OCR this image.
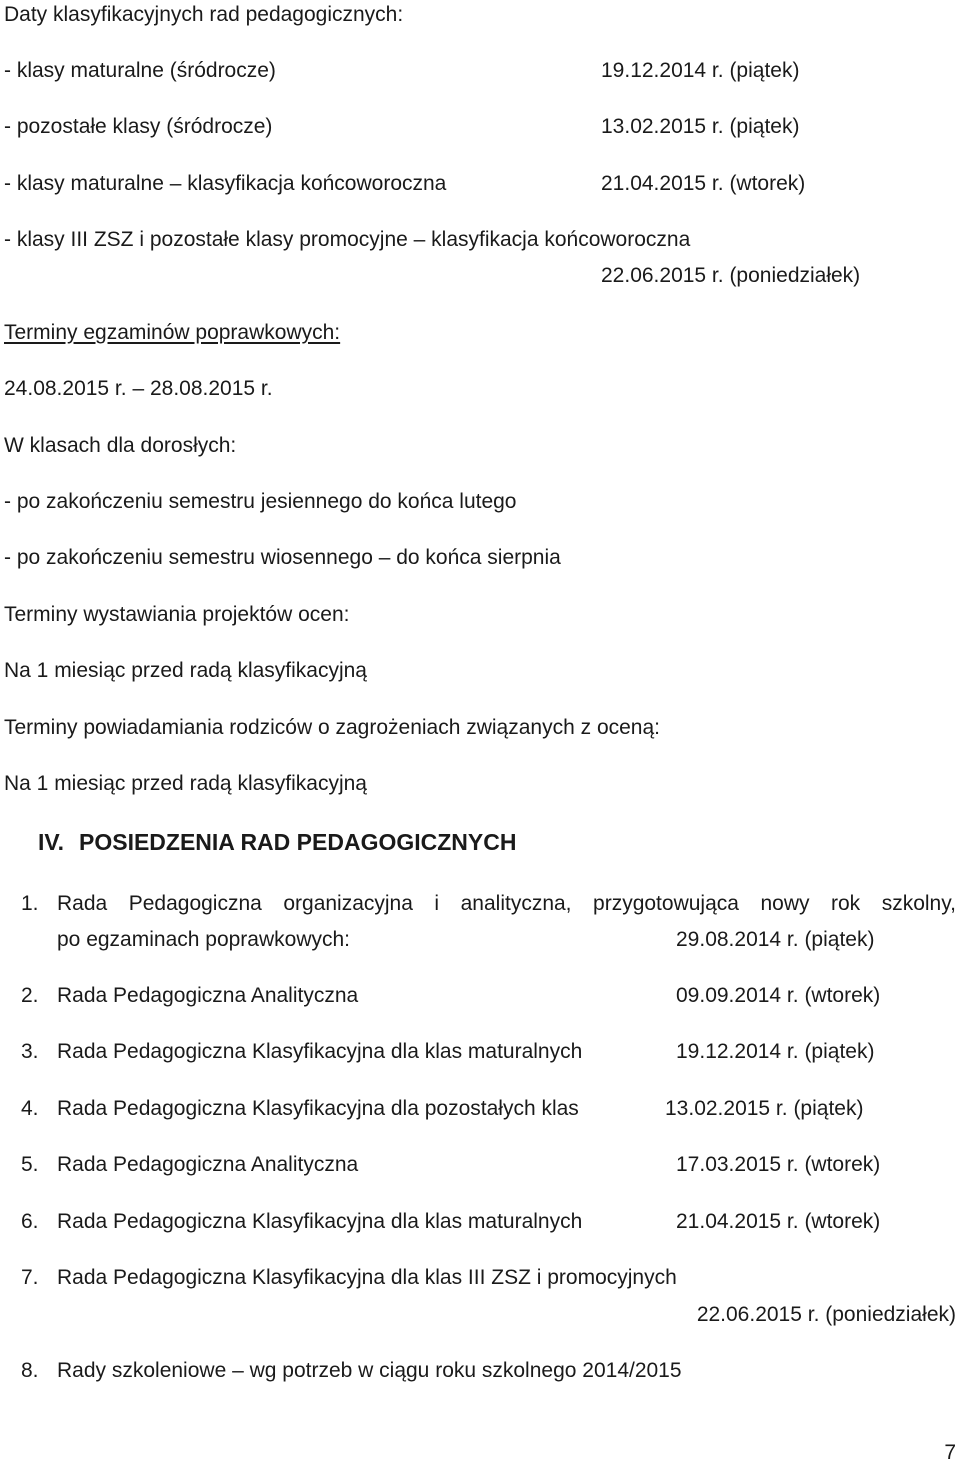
Daty klasyfikacyjnych rad pedagogicznych:
- klasy maturalne (śródrocze)	19.12.2014 r. (piątek)
- pozostałe klasy (śródrocze)	13.02.2015 r. (piątek)
- klasy maturalne – klasyfikacja końcoworoczna	21.04.2015 r. (wtorek)
- klasy III ZSZ i pozostałe klasy promocyjne – klasyfikacja końcoworoczna
22.06.2015 r. (poniedziałek)
Terminy egzaminów poprawkowych:
24.08.2015 r. – 28.08.2015 r.
W klasach dla dorosłych:
- po zakończeniu semestru jesiennego do końca lutego
- po zakończeniu semestru wiosennego – do końca sierpnia
Terminy wystawiania projektów ocen:
Na 1 miesiąc przed radą klasyfikacyjną
Terminy powiadamiania rodziców o zagrożeniach związanych z oceną:
Na 1 miesiąc przed radą klasyfikacyjną
IV. POSIEDZENIA RAD PEDAGOGICZNYCH
1. Rada Pedagogiczna organizacyjna i analityczna, przygotowująca nowy rok szkolny,
po egzaminach poprawkowych:	29.08.2014 r. (piątek)
2. Rada Pedagogiczna Analityczna	09.09.2014 r. (wtorek)
3. Rada Pedagogiczna Klasyfikacyjna dla klas maturalnych	19.12.2014 r. (piątek)
4. Rada Pedagogiczna Klasyfikacyjna dla pozostałych klas	13.02.2015 r. (piątek)
5. Rada Pedagogiczna Analityczna	17.03.2015 r. (wtorek)
6. Rada Pedagogiczna Klasyfikacyjna dla klas maturalnych	21.04.2015 r. (wtorek)
7. Rada Pedagogiczna Klasyfikacyjna dla klas III ZSZ i promocyjnych
22.06.2015 r. (poniedziałek)
8. Rady szkoleniowe – wg potrzeb w ciągu roku szkolnego 2014/2015
7
